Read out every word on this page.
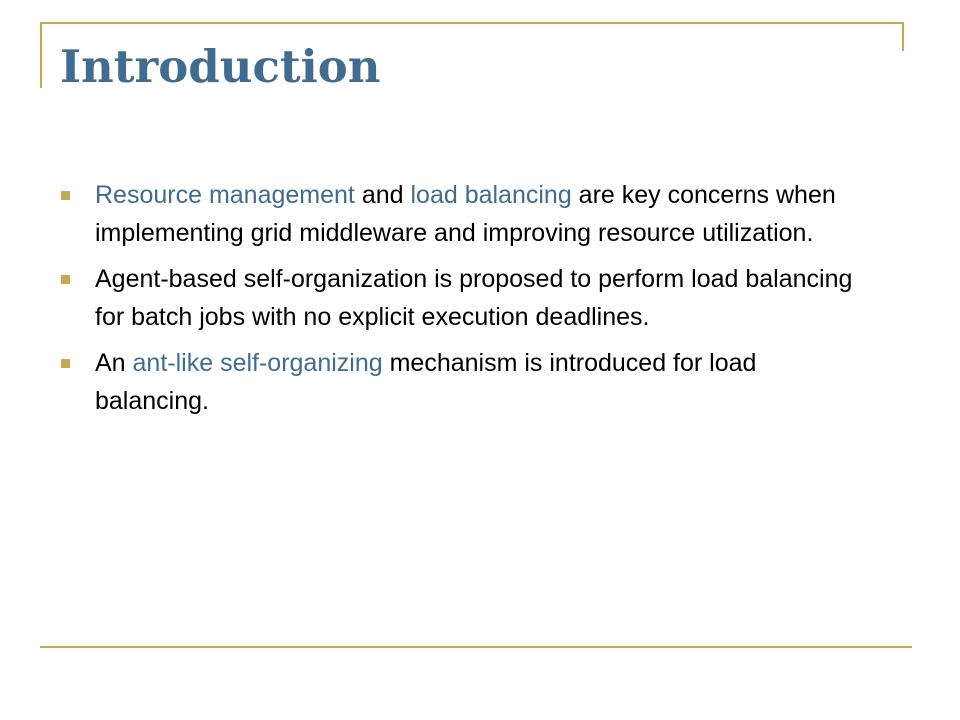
Introduction
Resource management and load balancing are key concerns when implementing grid middleware and improving resource utilization.
Agent-based self-organization is proposed to perform load balancing for batch jobs with no explicit execution deadlines.
An ant-like self-organizing mechanism is introduced for load balancing.
